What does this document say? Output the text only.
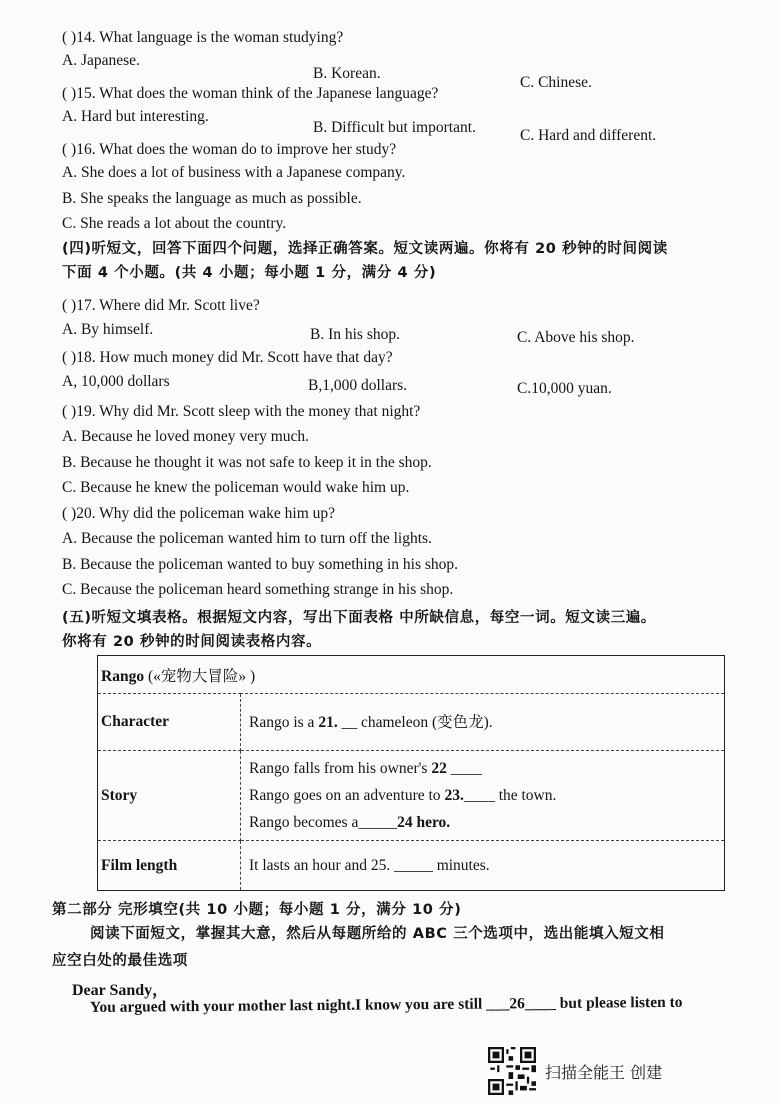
( )14. What language is the woman studying?
A. Japanese.
B. Korean.
C. Chinese.
( )15. What does the woman think of the Japanese language?
A. Hard but interesting.
B. Difficult but important.	C. Hard and different.
( )16. What does the woman do to improve her study?
A. She does a lot of business with a Japanese company.
B. She speaks the language as much as possible.
C. She reads a lot about the country.
(四)听短文，回答下面四个问题，选择正确答案。短文读两遍。你将有 20 秒钟的时间阅读
下面 4 个小题。(共 4 小题；每小题 1 分，满分 4 分)
( )17. Where did Mr. Scott live?
A. By himself.	B. In his shop.	C. Above his shop.
( )18. How much money did Mr. Scott have that day?
A, 10,000 dollars	B,1,000 dollars.	C.10,000 yuan.
( )19. Why did Mr. Scott sleep with the money that night?
A. Because he loved money very much.
B. Because he thought it was not safe to keep it in the shop.
C. Because he knew the policeman would wake him up.
( )20. Why did the policeman wake him up?
A. Because the policeman wanted him to turn off the lights.
B. Because the policeman wanted to buy something in his shop.
C. Because the policeman heard something strange in his shop.
(五)听短文填表格。根据短文内容，写出下面表格 中所缺信息，每空一词。短文读三遍。
你将有 20 秒钟的时间阅读表格内容。
Rango («宠物大冒险» )	
Character	Rango is a 21. __ chameleon (变色龙).
Story	Rango falls from his owner's 22 ____
Rango goes on an adventure to 23.____ the town.
Rango becomes a_____24 hero.

Film length	It lasts an hour and 25. _____ minutes.
第二部分 完形填空(共 10 小题；每小题 1 分，满分 10 分)
阅读下面短文，掌握其大意，然后从每题所给的 ABC 三个选项中，选出能填入短文相
应空白处的最佳选项
Dear Sandy，
You argued with your mother last night.I know you are still ___26____ but please listen to
扫描全能王 创建
